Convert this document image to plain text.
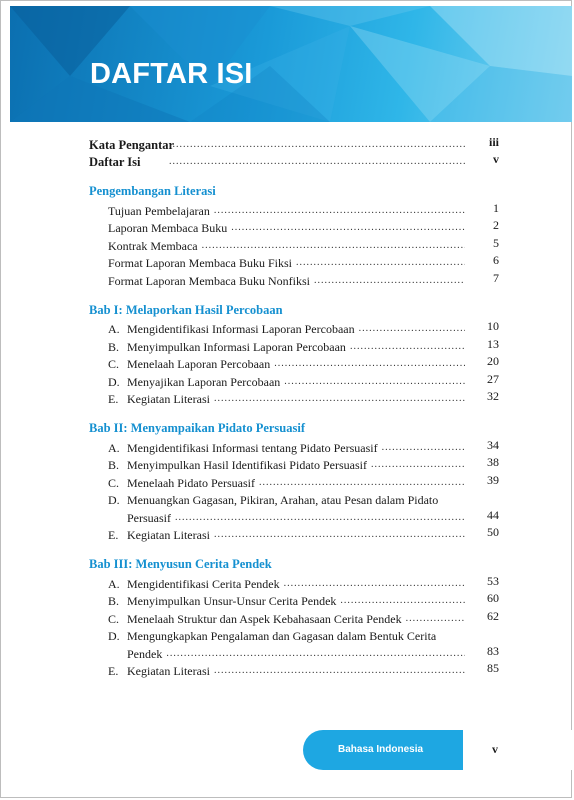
DAFTAR ISI
Kata Pengantar .....	iii
Daftar Isi .....	v
Pengembangan Literasi
Tujuan Pembelajaran .....	1
Laporan Membaca Buku .....	2
Kontrak Membaca .....	5
Format Laporan Membaca Buku Fiksi .....	6
Format Laporan Membaca Buku Nonfiksi .....	7
Bab I: Melaporkan Hasil Percobaan
A. Mengidentifikasi Informasi Laporan Percobaan .....	10
B. Menyimpulkan Informasi Laporan Percobaan .....	13
C. Menelaah Laporan Percobaan .....	20
D. Menyajikan Laporan Percobaan .....	27
E. Kegiatan Literasi .....	32
Bab II: Menyampaikan Pidato Persuasif
A. Mengidentifikasi Informasi tentang Pidato Persuasif .....	34
B. Menyimpulkan Hasil Identifikasi Pidato Persuasif .....	38
C. Menelaah Pidato Persuasif .....	39
D. Menuangkan Gagasan, Pikiran, Arahan, atau Pesan dalam Pidato
Persuasif .....	44
E. Kegiatan Literasi .....	50
Bab III: Menyusun Cerita Pendek
A. Mengidentifikasi Cerita Pendek .....	53
B. Menyimpulkan Unsur-Unsur Cerita Pendek .....	60
C. Menelaah Struktur dan Aspek Kebahasaan Cerita Pendek .....	62
D. Mengungkapkan Pengalaman dan Gagasan dalam Bentuk Cerita
Pendek .....	83
E. Kegiatan Literasi .....	85
Bahasa Indonesia	v
